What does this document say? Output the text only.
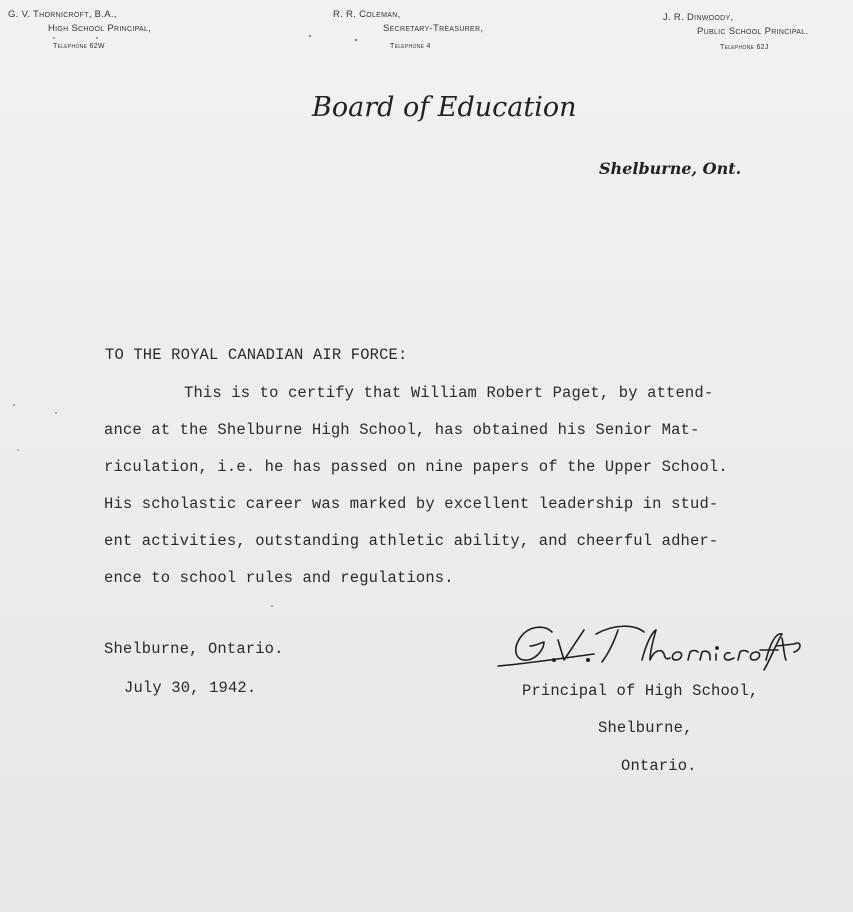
G. V. Thornicroft, B.A.,
High School Principal,
Telephone 62W
R. R. Coleman,
Secretary-Treasurer,
Telephone 4
J. R. Dinwoody,
Public School Principal.
Telephone 62J
Board of Education
Shelburne, Ont.
TO THE ROYAL CANADIAN AIR FORCE:
This is to certify that William Robert Paget, by attend-
ance at the Shelburne High School, has obtained his Senior Mat-
riculation, i.e. he has passed on nine papers of the Upper School.
His scholastic career was marked by excellent leadership in stud-
ent activities, outstanding athletic ability, and cheerful adher-
ence to school rules and regulations.
Shelburne, Ontario.
July 30, 1942.	Principal of High School,
Shelburne,
Ontario.
